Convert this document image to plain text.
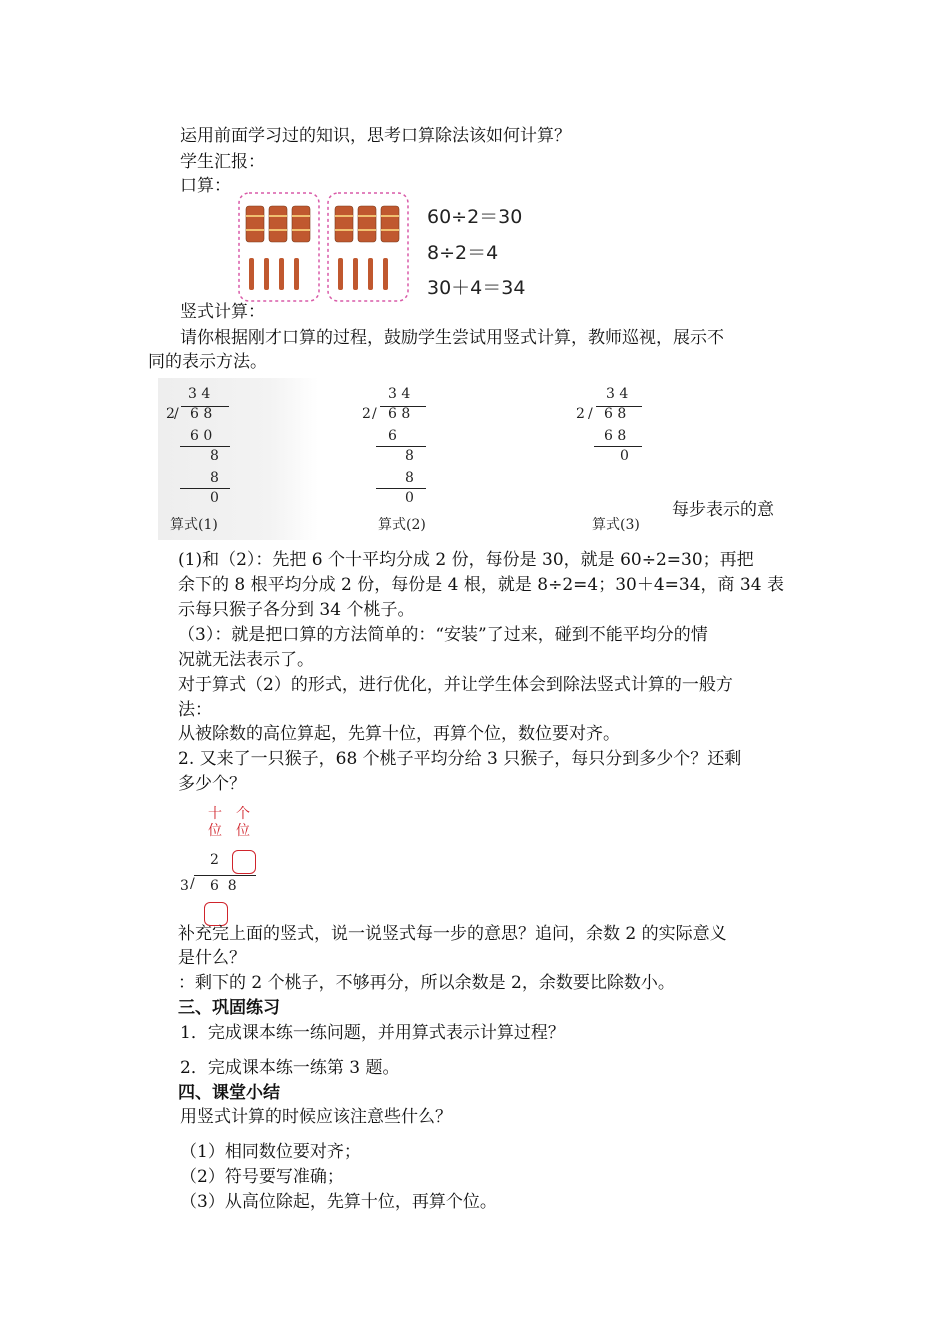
运用前面学习过的知识，思考口算除法该如何计算？
学生汇报：
口算：
60÷2＝30
8÷2＝4
30＋4＝34
竖式计算：
请你根据刚才口算的过程，鼓励学生尝试用竖式计算，教师巡视，展示不
同的表示方法。
3 4
2 / 6 8
6 0
8
8
0
算式(1)
3 4
2 / 6 8
6
8
8
0
算式(2)
3 4
2 / 6 8
6 8
0
算式(3)
每步表示的意
(1)和（2）：先把 6 个十平均分成 2 份，每份是 30，就是 60÷2=30；再把
余下的 8 根平均分成 2 份，每份是 4 根，就是 8÷2=4；30＋4=34，商 34 表
示每只猴子各分到 34 个桃子。
（3）：就是把口算的方法简单的：“安装”了过来，碰到不能平均分的情
况就无法表示了。
对于算式（2）的形式，进行优化，并让学生体会到除法竖式计算的一般方
法：
从被除数的高位算起，先算十位，再算个位，数位要对齐。
2. 又来了一只猴子，68 个桃子平均分给 3 只猴子，每只分到多少个？还剩
多少个？
十
位
个
位
2
3 / 6  8
补充完上面的竖式，说一说竖式每一步的意思？追问，余数 2 的实际意义
是什么？
：剩下的 2 个桃子，不够再分，所以余数是 2，余数要比除数小。
三、巩固练习
1．完成课本练一练问题，并用算式表示计算过程？
2．完成课本练一练第 3 题。
四、课堂小结
用竖式计算的时候应该注意些什么？
（1）相同数位要对齐；
（2）符号要写准确；
（3）从高位除起，先算十位，再算个位。
